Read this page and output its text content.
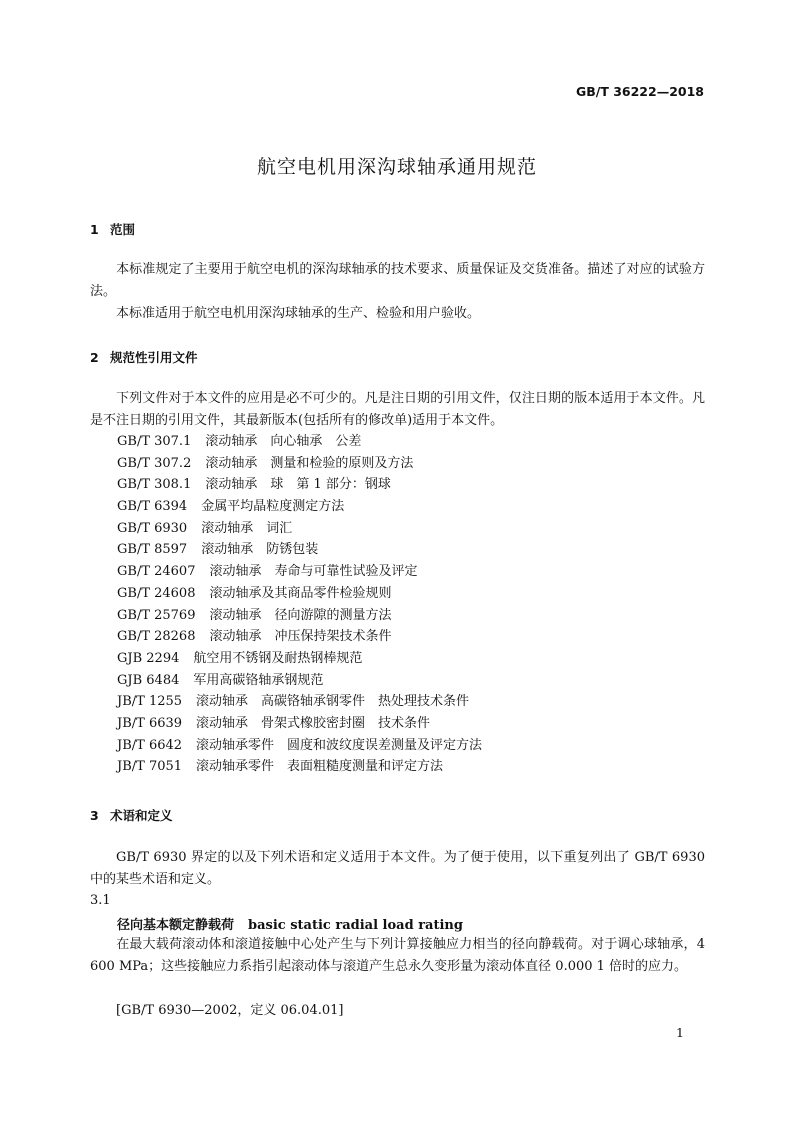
GB/T 36222—2018
航空电机用深沟球轴承通用规范
1 范围
本标准规定了主要用于航空电机的深沟球轴承的技术要求、质量保证及交货准备。描述了对应的试验方法。
本标准适用于航空电机用深沟球轴承的生产、检验和用户验收。
2 规范性引用文件
下列文件对于本文件的应用是必不可少的。凡是注日期的引用文件，仅注日期的版本适用于本文件。凡是不注日期的引用文件，其最新版本(包括所有的修改单)适用于本文件。
GB/T 307.1 滚动轴承　向心轴承　公差
GB/T 307.2 滚动轴承　测量和检验的原则及方法
GB/T 308.1 滚动轴承　球　第 1 部分：钢球
GB/T 6394 金属平均晶粒度测定方法
GB/T 6930 滚动轴承　词汇
GB/T 8597 滚动轴承　防锈包装
GB/T 24607 滚动轴承　寿命与可靠性试验及评定
GB/T 24608 滚动轴承及其商品零件检验规则
GB/T 25769 滚动轴承　径向游隙的测量方法
GB/T 28268 滚动轴承　冲压保持架技术条件
GJB 2294 航空用不锈钢及耐热钢棒规范
GJB 6484 军用高碳铬轴承钢规范
JB/T 1255 滚动轴承　高碳铬轴承钢零件　热处理技术条件
JB/T 6639 滚动轴承　骨架式橡胶密封圈　技术条件
JB/T 6642 滚动轴承零件　圆度和波纹度误差测量及评定方法
JB/T 7051 滚动轴承零件　表面粗糙度测量和评定方法
3 术语和定义
GB/T 6930 界定的以及下列术语和定义适用于本文件。为了便于使用，以下重复列出了 GB/T 6930 中的某些术语和定义。
3.1
径向基本额定静载荷 basic static radial load rating
在最大载荷滚动体和滚道接触中心处产生与下列计算接触应力相当的径向静载荷。对于调心球轴承，4 600 MPa；这些接触应力系指引起滚动体与滚道产生总永久变形量为滚动体直径 0.000 1 倍时的应力。
[GB/T 6930—2002，定义 06.04.01]
1
